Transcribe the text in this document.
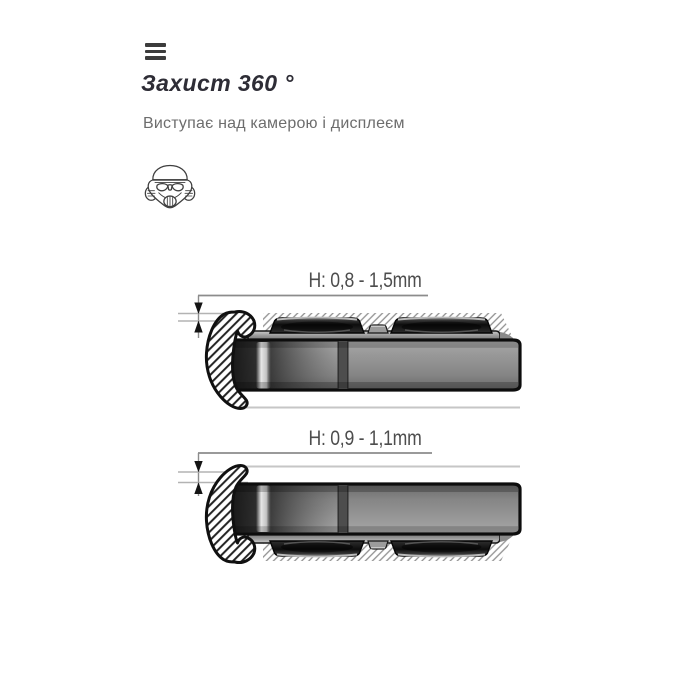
Захист 360 °

Виступає над камерою і дисплеєм

H: 0,8 - 1,5mm
H: 0,9 - 1,1mm
